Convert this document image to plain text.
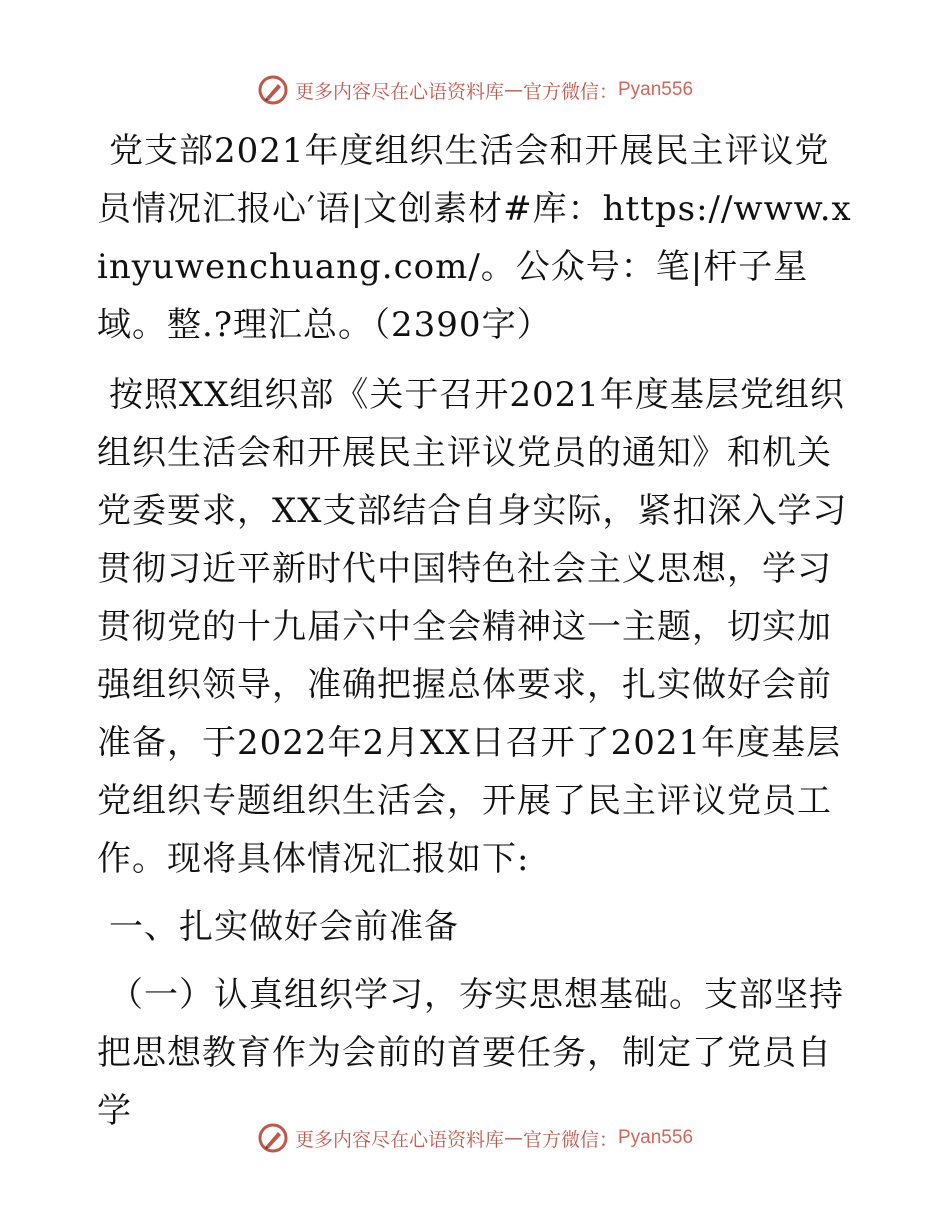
更多内容尽在心语资料库 — 官方微信： Pyan556

党支部2021年度组织生活会和开展民主评议党员情况汇报心′语|文创素材#库：https://www.xinyuwenchuang.com/。公众号：笔|杆子星域。整.?理汇总。（2390字）

按照XX组织部《关于召开2021年度基层党组织组织生活会和开展民主评议党员的通知》和机关党委要求，XX支部结合自身实际，紧扣深入学习贯彻习近平新时代中国特色社会主义思想，学习贯彻党的十九届六中全会精神这一主题，切实加强组织领导，准确把握总体要求，扎实做好会前准备，于2022年2月XX日召开了2021年度基层党组织专题组织生活会，开展了民主评议党员工作。现将具体情况汇报如下:

一、扎实做好会前准备

（一）认真组织学习，夯实思想基础。支部坚持把思想教育作为会前的首要任务，制定了党员自学

更多内容尽在心语资料库 — 官方微信： Pyan556
